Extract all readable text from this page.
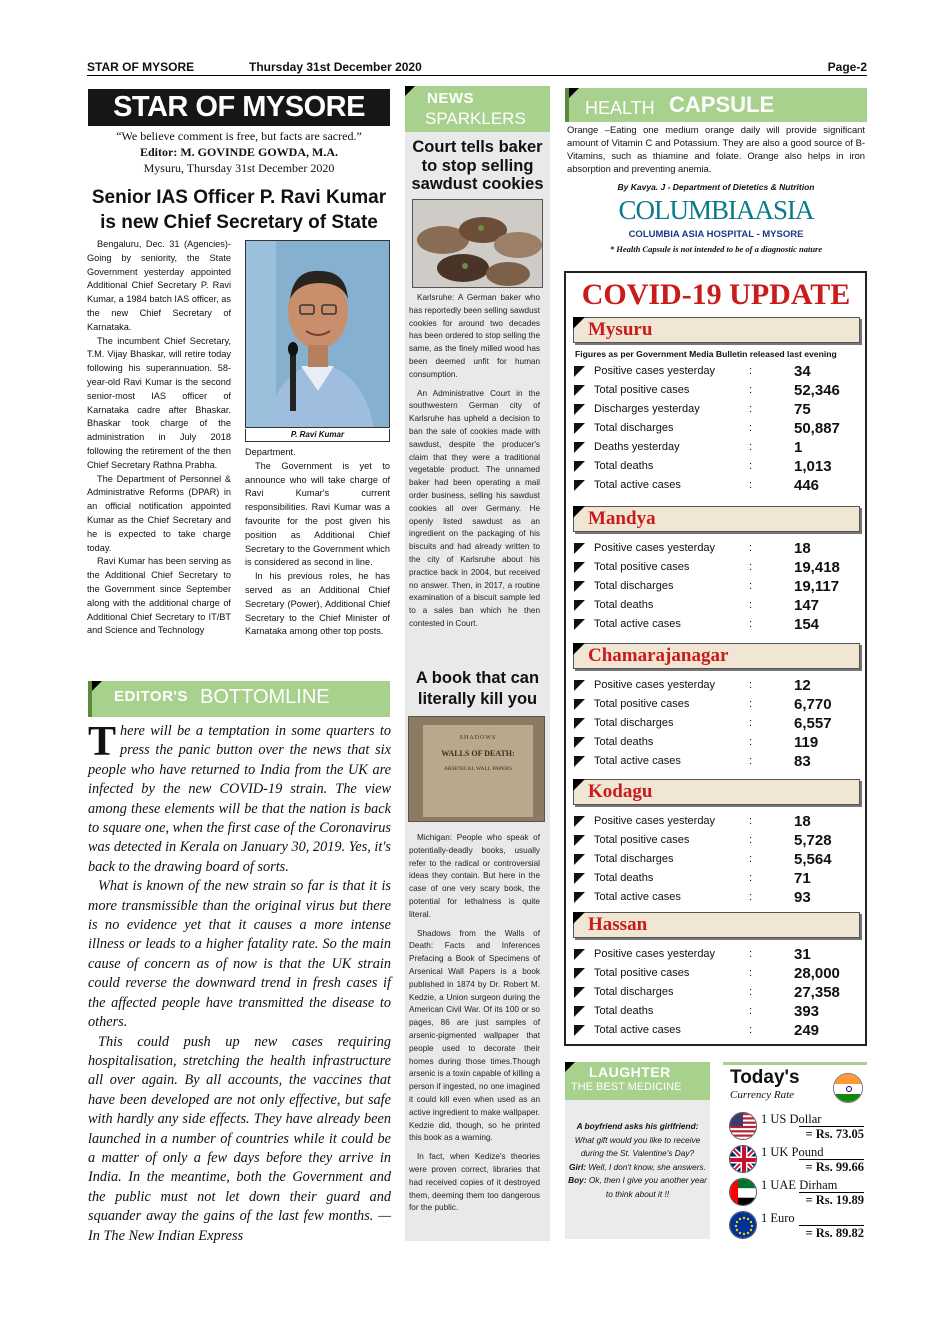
STAR OF MYSORE	Thursday 31st December 2020	Page-2
STAR OF MYSORE
“We believe comment is free, but facts are sacred.”
Editor: M. GOVINDE GOWDA, M.A.
Mysuru, Thursday 31st December 2020
Senior IAS Officer P. Ravi Kumar is new Chief Secretary of State

Bengaluru, Dec. 31 (Agencies)- Going by seniority, the State Government yesterday appointed Additional Chief Secretary P. Ravi Kumar, a 1984 batch IAS officer, as the new Chief Secretary of Karnataka.

The incumbent Chief Secretary, T.M. Vijay Bhaskar, will retire today following his superannuation. 58-year-old Ravi Kumar is the second senior-most IAS officer of Karnataka cadre after Bhaskar. Bhaskar took charge of the administration in July 2018 following the retirement of the then Chief Secretary Rathna Prabha.

The Department of Personnel & Administrative Reforms (DPAR) in an official notification appointed Kumar as the Chief Secretary and he is expected to take charge today.

Ravi Kumar has been serving as the Additional Chief Secretary to the Government since September along with the additional charge of Additional Chief Secretary to IT/BT and Science and Technology

P. Ravi Kumar

Department.

The Government is yet to announce who will take charge of Ravi Kumar's current responsibilities. Ravi Kumar was a favourite for the post given his position as Additional Chief Secretary to the Government which is considered as second in line.

In his previous roles, he has served as an Additional Chief Secretary (Power), Additional Chief Secretary to the Chief Minister of Karnataka among other top posts.

EDITOR'S BOTTOMLINE
T here will be a temptation in some quarters to press the panic button over the news that six people who have returned to India from the UK are infected by the new COVID-19 strain. The view among these elements will be that the nation is back to square one, when the first case of the Coronavirus was detected in Kerala on January 30, 2019. Yes, it's back to the drawing board of sorts.

What is known of the new strain so far is that it is more transmissible than the original virus but there is no evidence yet that it causes a more intense illness or leads to a higher fatality rate. So the main cause of concern as of now is that the UK strain could reverse the downward trend in fresh cases if the affected people have transmitted the disease to others.

This could push up new cases requiring hospitalisation, stretching the health infrastructure all over again. By all accounts, the vaccines that have been developed are not only effective, but safe with hardly any side effects. They have already been launched in a number of countries while it could be a matter of only a few days before they arrive in India. In the meantime, both the Government and the public must not let down their guard and squander away the gains of the last few months. — In The New Indian Express

NEWS
SPARKLERS
Court tells baker to stop selling sawdust cookies

Karlsruhe: A German baker who has reportedly been selling sawdust cookies for around two decades has been ordered to stop selling the same, as the finely milled wood has been deemed unfit for human consumption.

An Administrative Court in the southwestern German city of Karlsruhe has upheld a decision to ban the sale of cookies made with sawdust, despite the producer's claim that they were a traditional vegetable product. The unnamed baker had been operating a mail order business, selling his sawdust cookies all over Germany. He openly listed sawdust as an ingredient on the packaging of his biscuits and had already written to the city of Karlsruhe about his practice back in 2004, but received no answer. Then, in 2017, a routine examination of a biscuit sample led to a sales ban which he then contested in Court.

A book that can literally kill you
SHADOWS
WALLS OF DEATH:
ARSENICAL WALL PAPERS

Michigan: People who speak of potentially-deadly books, usually refer to the radical or controversial ideas they contain. But here in the case of one very scary book, the potential for lethalness is quite literal.

Shadows from the Walls of Death: Facts and Inferences Prefacing a Book of Specimens of Arsenical Wall Papers is a book published in 1874 by Dr. Robert M. Kedzie, a Union surgeon during the American Civil War. Of its 100 or so pages, 86 are just samples of arsenic-pigmented wallpaper that people used to decorate their homes during those times.Though arsenic is a toxin capable of killing a person if ingested, no one imagined it could kill even when used as an active ingredient to make wallpaper. Kedzie did, though, so he printed this book as a warning.

In fact, when Kedize's theories were proven correct, libraries that had received copies of it destroyed them, deeming them too dangerous for the public.

HEALTH CAPSULE
Orange –Eating one medium orange daily will provide significant amount of Vitamin C and Potassium. They are also a good source of B-Vitamins, such as thiamine and folate. Orange also helps in iron absorption and preventing anemia.
By Kavya. J - Department of Dietetics & Nutrition
COLUMBIAASIA
COLUMBIA ASIA HOSPITAL - MYSORE
* Health Capsule is not intended to be of a diagnostic nature
COVID-19 UPDATE
Mysuru
Figures as per Government Media Bulletin released last evening
Positive cases yesterday	:	34
Total positive cases	:	52,346
Discharges yesterday	:	75
Total discharges	:	50,887
Deaths yesterday	:	1
Total deaths	:	1,013
Total active cases	:	446
Mandya
Positive cases yesterday	:	18
Total positive cases	:	19,418
Total discharges	:	19,117
Total deaths	:	147
Total active cases	:	154
Chamarajanagar
Positive cases yesterday	:	12
Total positive cases	:	6,770
Total discharges	:	6,557
Total deaths	:	119
Total active cases	:	83
Kodagu
Positive cases yesterday	:	18
Total positive cases	:	5,728
Total discharges	:	5,564
Total deaths	:	71
Total active cases	:	93
Hassan
Positive cases yesterday	:	31
Total positive cases	:	28,000
Total discharges	:	27,358
Total deaths	:	393
Total active cases	:	249
LAUGHTER
THE BEST MEDICINE
A boyfriend asks his girlfriend:
What gift would you like to receive during the St. Valentine's Day?
Girl: Well, I don't know, she answers.
Boy: Ok, then I give you another year to think about it !!
Today's
Currency Rate
1 US Dollar
= Rs. 73.05
1 UK Pound
= Rs. 99.66
1 UAE Dirham
= Rs. 19.89
1 Euro
= Rs. 89.82
